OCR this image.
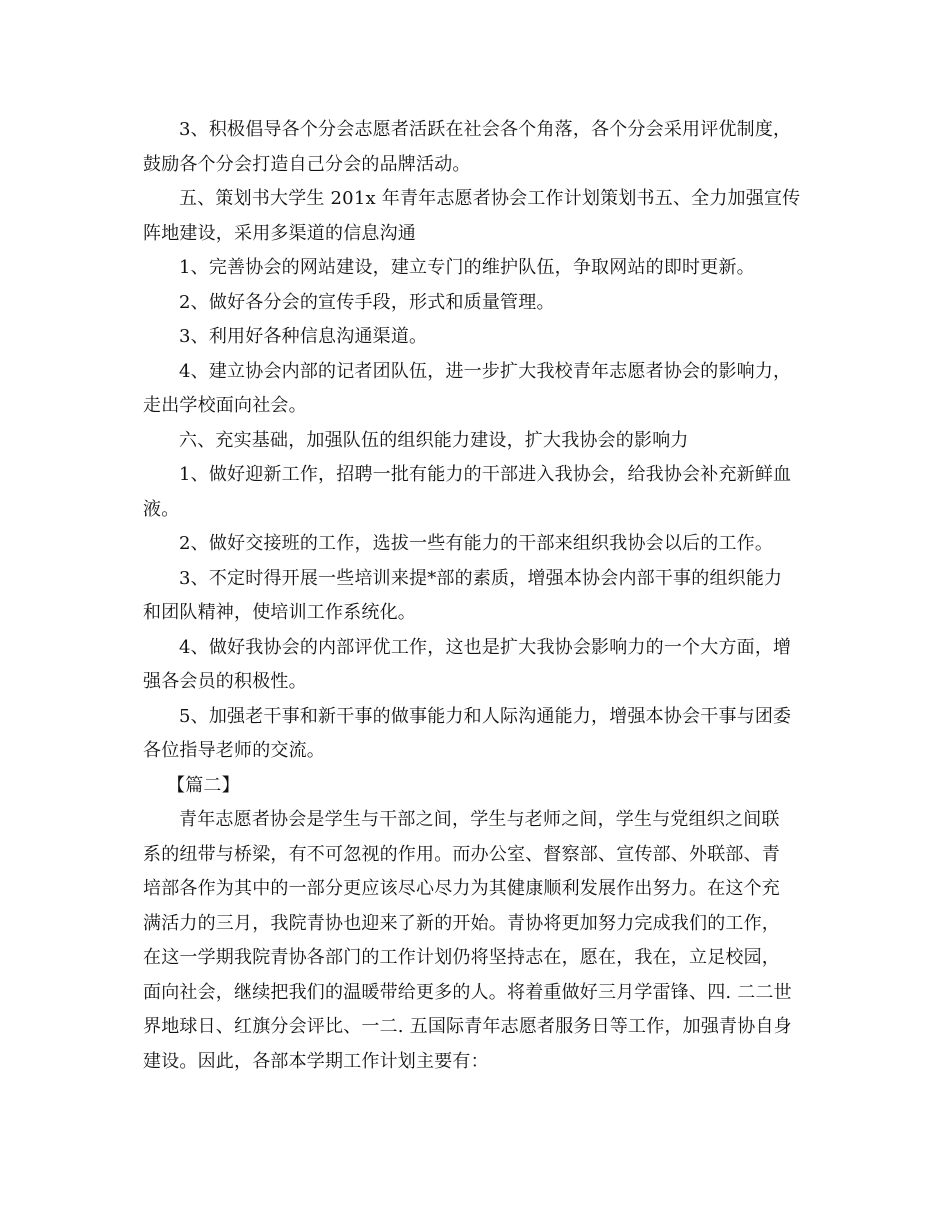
3、积极倡导各个分会志愿者活跃在社会各个角落，各个分会采用评优制度，
鼓励各个分会打造自己分会的品牌活动。
五、策划书大学生 201x 年青年志愿者协会工作计划策划书五、全力加强宣传
阵地建设，采用多渠道的信息沟通
1、完善协会的网站建设，建立专门的维护队伍，争取网站的即时更新。
2、做好各分会的宣传手段，形式和质量管理。
3、利用好各种信息沟通渠道。
4、建立协会内部的记者团队伍，进一步扩大我校青年志愿者协会的影响力，
走出学校面向社会。
六、充实基础，加强队伍的组织能力建设，扩大我协会的影响力
1、做好迎新工作，招聘一批有能力的干部进入我协会，给我协会补充新鲜血
液。
2、做好交接班的工作，选拔一些有能力的干部来组织我协会以后的工作。
3、不定时得开展一些培训来提*部的素质，增强本协会内部干事的组织能力
和团队精神，使培训工作系统化。
4、做好我协会的内部评优工作，这也是扩大我协会影响力的一个大方面，增
强各会员的积极性。
5、加强老干事和新干事的做事能力和人际沟通能力，增强本协会干事与团委
各位指导老师的交流。
【篇二】
青年志愿者协会是学生与干部之间，学生与老师之间，学生与党组织之间联
系的纽带与桥梁，有不可忽视的作用。而办公室、督察部、宣传部、外联部、青
培部各作为其中的一部分更应该尽心尽力为其健康顺利发展作出努力。在这个充
满活力的三月，我院青协也迎来了新的开始。青协将更加努力完成我们的工作，
在这一学期我院青协各部门的工作计划仍将坚持志在，愿在，我在，立足校园，
面向社会，继续把我们的温暖带给更多的人。将着重做好三月学雷锋、四. 二二世
界地球日、红旗分会评比、一二. 五国际青年志愿者服务日等工作，加强青协自身
建设。因此，各部本学期工作计划主要有：
